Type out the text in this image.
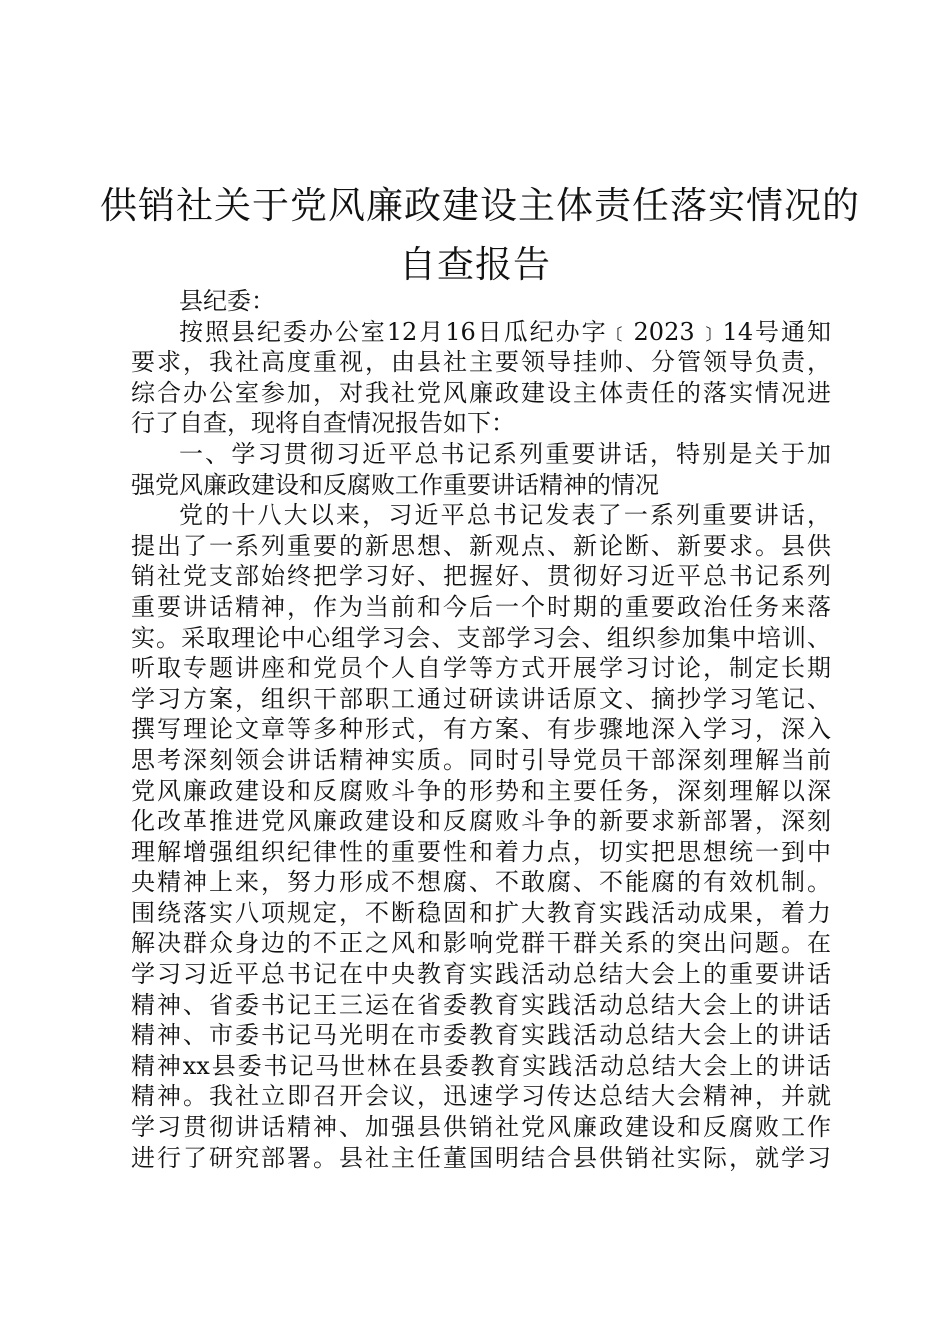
供销社关于党风廉政建设主体责任落实情况的
自查报告
县纪委：
按照县纪委办公室12月16日瓜纪办字﹝2023﹞14号通知
要求，我社高度重视，由县社主要领导挂帅、分管领导负责，
综合办公室参加，对我社党风廉政建设主体责任的落实情况进
行了自查，现将自查情况报告如下：
一、学习贯彻习近平总书记系列重要讲话，特别是关于加
强党风廉政建设和反腐败工作重要讲话精神的情况
党的十八大以来，习近平总书记发表了一系列重要讲话，
提出了一系列重要的新思想、新观点、新论断、新要求。县供
销社党支部始终把学习好、把握好、贯彻好习近平总书记系列
重要讲话精神，作为当前和今后一个时期的重要政治任务来落
实。采取理论中心组学习会、支部学习会、组织参加集中培训、
听取专题讲座和党员个人自学等方式开展学习讨论，制定长期
学习方案，组织干部职工通过研读讲话原文、摘抄学习笔记、
撰写理论文章等多种形式，有方案、有步骤地深入学习，深入
思考深刻领会讲话精神实质。同时引导党员干部深刻理解当前
党风廉政建设和反腐败斗争的形势和主要任务，深刻理解以深
化改革推进党风廉政建设和反腐败斗争的新要求新部署，深刻
理解增强组织纪律性的重要性和着力点，切实把思想统一到中
央精神上来，努力形成不想腐、不敢腐、不能腐的有效机制。
围绕落实八项规定，不断稳固和扩大教育实践活动成果，着力
解决群众身边的不正之风和影响党群干群关系的突出问题。在
学习习近平总书记在中央教育实践活动总结大会上的重要讲话
精神、省委书记王三运在省委教育实践活动总结大会上的讲话
精神、市委书记马光明在市委教育实践活动总结大会上的讲话
精神xx县委书记马世林在县委教育实践活动总结大会上的讲话
精神。我社立即召开会议，迅速学习传达总结大会精神，并就
学习贯彻讲话精神、加强县供销社党风廉政建设和反腐败工作
进行了研究部署。县社主任董国明结合县供销社实际，就学习
